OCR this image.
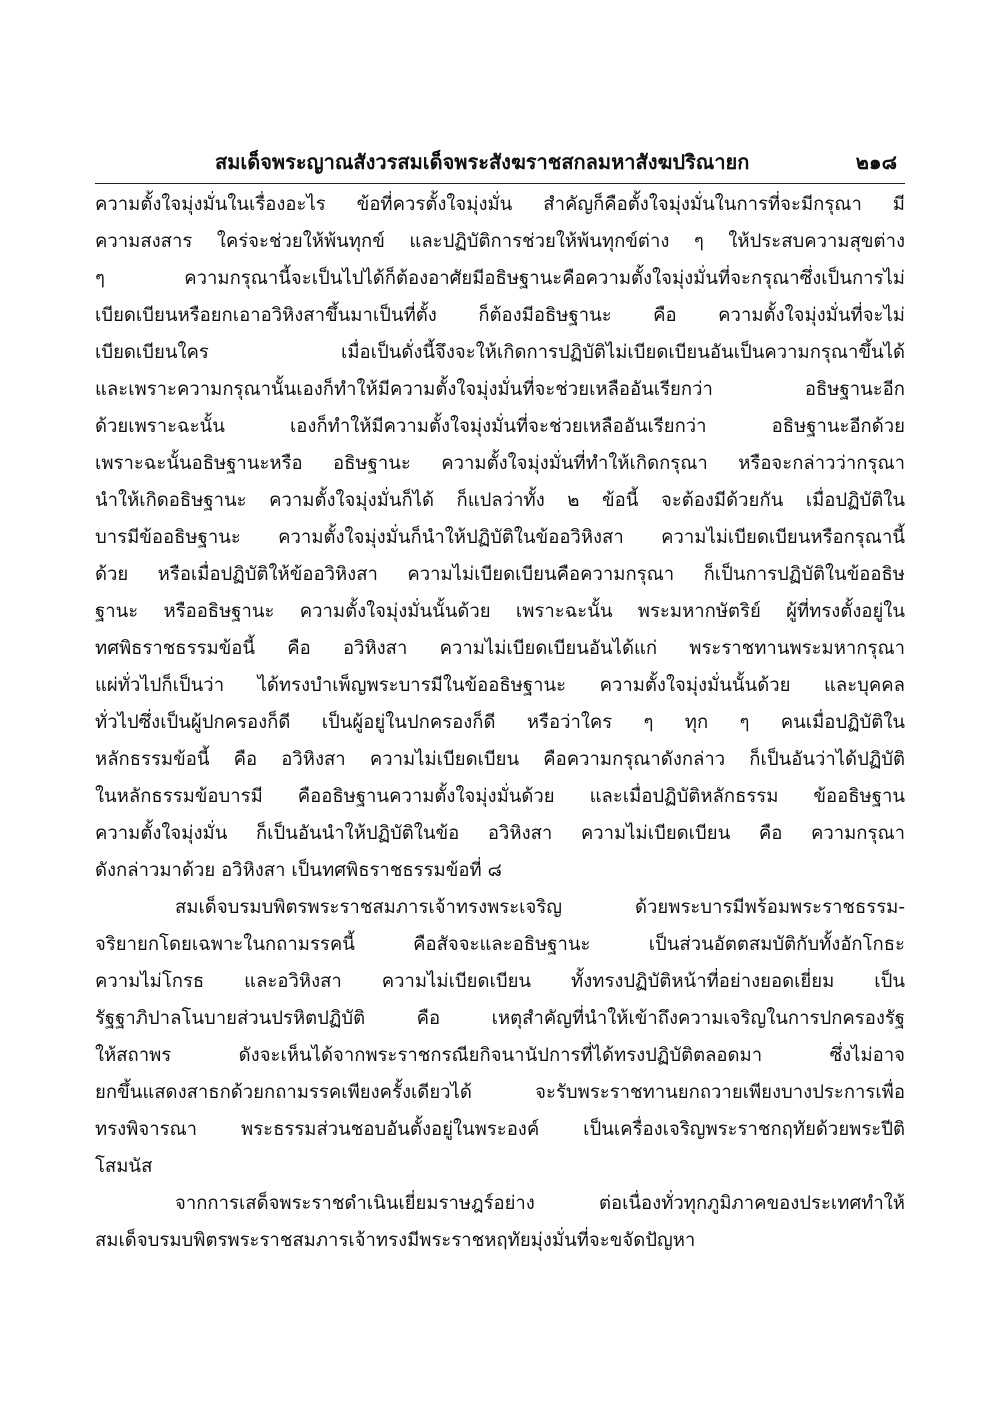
สมเด็จพระญาณสังวรสมเด็จพระสังฆราชสกลมหาสังฆปริณายก	๒๑๘
ความตั้งใจมุ่งมั่นในเรื่องอะไร ข้อที่ควรตั้งใจมุ่งมั่น สำคัญก็คือตั้งใจมุ่งมั่นในการที่จะมีกรุณา มี
ความสงสาร ใคร่จะช่วยให้พ้นทุกข์ และปฏิบัติการช่วยให้พ้นทุกข์ต่าง ๆ ให้ประสบความสุขต่าง
ๆ ความกรุณานี้จะเป็นไปได้ก็ต้องอาศัยมีอธิษฐานะคือความตั้งใจมุ่งมั่นที่จะกรุณาซึ่งเป็นการไม่
เบียดเบียนหรือยกเอาอวิหิงสาขึ้นมาเป็นที่ตั้ง ก็ต้องมีอธิษฐานะ คือ ความตั้งใจมุ่งมั่นที่จะไม่
เบียดเบียนใคร เมื่อเป็นดั่งนี้จึงจะให้เกิดการปฏิบัติไม่เบียดเบียนอันเป็นความกรุณาขึ้นได้
และเพราะความกรุณานั้นเองก็ทำให้มีความตั้งใจมุ่งมั่นที่จะช่วยเหลืออันเรียกว่า อธิษฐานะอีก
ด้วยเพราะฉะนั้น เองก็ทำให้มีความตั้งใจมุ่งมั่นที่จะช่วยเหลืออันเรียกว่า อธิษฐานะอีกด้วย
เพราะฉะนั้นอธิษฐานะหรือ อธิษฐานะ ความตั้งใจมุ่งมั่นที่ทำให้เกิดกรุณา หรือจะกล่าวว่ากรุณา
นำให้เกิดอธิษฐานะ ความตั้งใจมุ่งมั่นก็ได้ ก็แปลว่าทั้ง ๒ ข้อนี้ จะต้องมีด้วยกัน เมื่อปฏิบัติใน
บารมีข้ออธิษฐานะ ความตั้งใจมุ่งมั่นก็นำให้ปฏิบัติในข้ออวิหิงสา ความไม่เบียดเบียนหรือกรุณานี้
ด้วย หรือเมื่อปฏิบัติให้ข้ออวิหิงสา ความไม่เบียดเบียนคือความกรุณา ก็เป็นการปฏิบัติในข้ออธิษ
ฐานะ หรืออธิษฐานะ ความตั้งใจมุ่งมั่นนั้นด้วย เพราะฉะนั้น พระมหากษัตริย์ ผู้ที่ทรงตั้งอยู่ใน
ทศพิธราชธรรมข้อนี้ คือ อวิหิงสา ความไม่เบียดเบียนอันได้แก่ พระราชทานพระมหากรุณา
แผ่ทั่วไปก็เป็นว่า ได้ทรงบำเพ็ญพระบารมีในข้ออธิษฐานะ ความตั้งใจมุ่งมั่นนั้นด้วย และบุคคล
ทั่วไปซึ่งเป็นผู้ปกครองก็ดี เป็นผู้อยู่ในปกครองก็ดี หรือว่าใคร ๆ ทุก ๆ คนเมื่อปฏิบัติใน
หลักธรรมข้อนี้ คือ อวิหิงสา ความไม่เบียดเบียน คือความกรุณาดังกล่าว ก็เป็นอันว่าได้ปฏิบัติ
ในหลักธรรมข้อบารมี คืออธิษฐานความตั้งใจมุ่งมั่นด้วย และเมื่อปฏิบัติหลักธรรม ข้ออธิษฐาน
ความตั้งใจมุ่งมั่น ก็เป็นอันนำให้ปฏิบัติในข้อ อวิหิงสา ความไม่เบียดเบียน คือ ความกรุณา
ดังกล่าวมาด้วย อวิหิงสา เป็นทศพิธราชธรรมข้อที่ ๘
สมเด็จบรมบพิตรพระราชสมภารเจ้าทรงพระเจริญ ด้วยพระบารมีพร้อมพระราชธรรม-
จริยายกโดยเฉพาะในกถามรรคนี้ คือสัจจะและอธิษฐานะ เป็นส่วนอัตตสมบัติกับทั้งอักโกธะ
ความไม่โกรธ และอวิหิงสา ความไม่เบียดเบียน ทั้งทรงปฏิบัติหน้าที่อย่างยอดเยี่ยม เป็น
รัฐฐาภิปาลโนบายส่วนปรหิตปฏิบัติ คือ เหตุสำคัญที่นำให้เข้าถึงความเจริญในการปกครองรัฐ
ให้สถาพร ดังจะเห็นได้จากพระราชกรณียกิจนานัปการที่ได้ทรงปฏิบัติตลอดมา ซึ่งไม่อาจ
ยกขึ้นแสดงสาธกด้วยกถามรรคเพียงครั้งเดียวได้ จะรับพระราชทานยกถวายเพียงบางประการเพื่อ
ทรงพิจารณา พระธรรมส่วนชอบอันตั้งอยู่ในพระองค์ เป็นเครื่องเจริญพระราชกฤทัยด้วยพระปีติ
โสมนัส
จากการเสด็จพระราชดำเนินเยี่ยมราษฎร์อย่าง ต่อเนื่องทั่วทุกภูมิภาคของประเทศทำให้
สมเด็จบรมบพิตรพระราชสมภารเจ้าทรงมีพระราชหฤทัยมุ่งมั่นที่จะขจัดปัญหา
